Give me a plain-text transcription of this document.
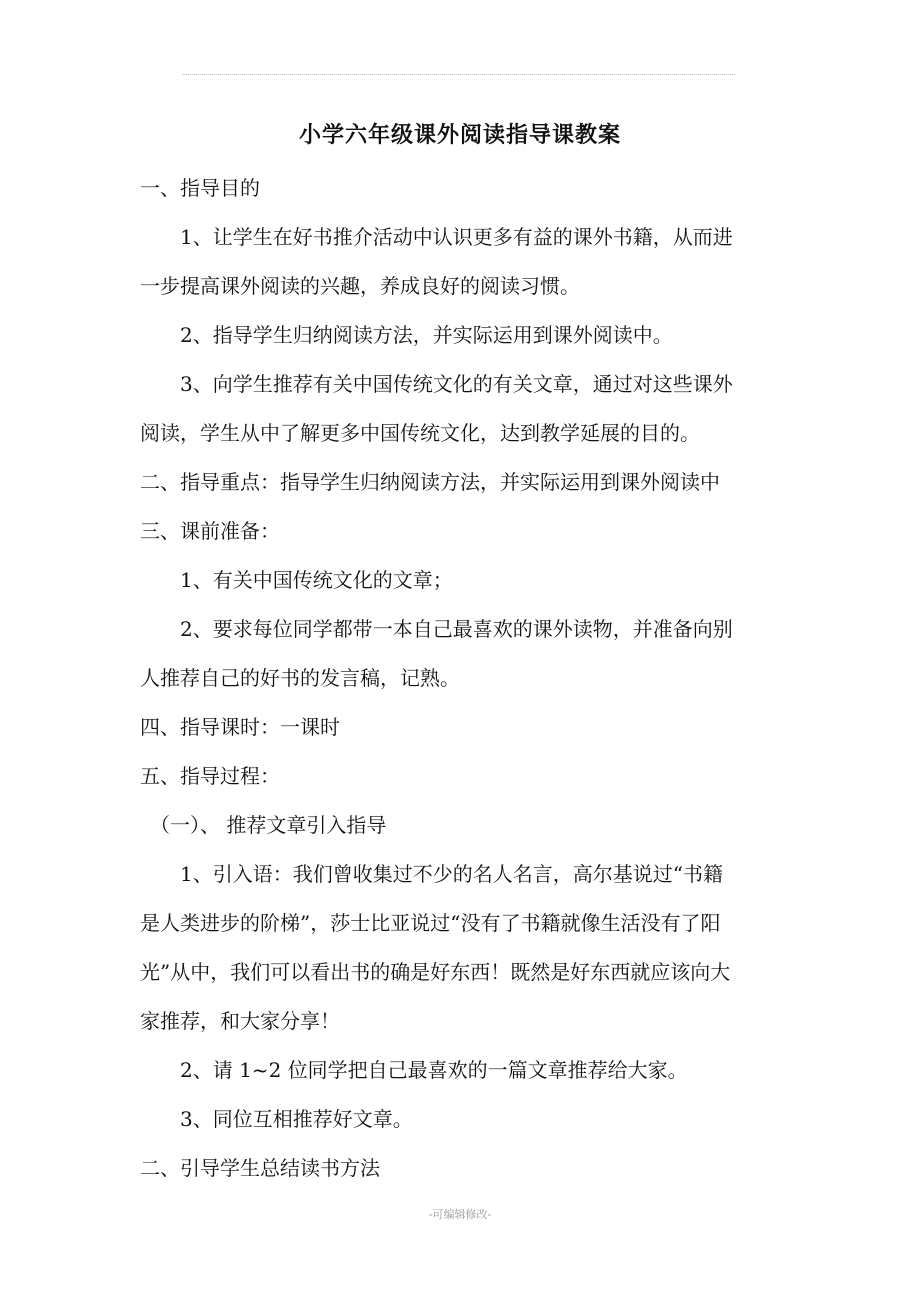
小学六年级课外阅读指导课教案
一、指导目的
1、让学生在好书推介活动中认识更多有益的课外书籍，从而进
一步提高课外阅读的兴趣，养成良好的阅读习惯。
2、指导学生归纳阅读方法，并实际运用到课外阅读中。
3、向学生推荐有关中国传统文化的有关文章，通过对这些课外
阅读，学生从中了解更多中国传统文化，达到教学延展的目的。
二、指导重点：指导学生归纳阅读方法，并实际运用到课外阅读中
三、课前准备：
1、有关中国传统文化的文章；
2、要求每位同学都带一本自己最喜欢的课外读物，并准备向别
人推荐自己的好书的发言稿，记熟。
四、指导课时：一课时
五、指导过程：
（一）、 推荐文章引入指导
1、引入语：我们曾收集过不少的名人名言，高尔基说过“书籍
是人类进步的阶梯”，莎士比亚说过“没有了书籍就像生活没有了阳
光”从中，我们可以看出书的确是好东西！既然是好东西就应该向大
家推荐，和大家分享！
2、请 1~2 位同学把自己最喜欢的一篇文章推荐给大家。
3、同位互相推荐好文章。
二、引导学生总结读书方法
-可编辑修改-
